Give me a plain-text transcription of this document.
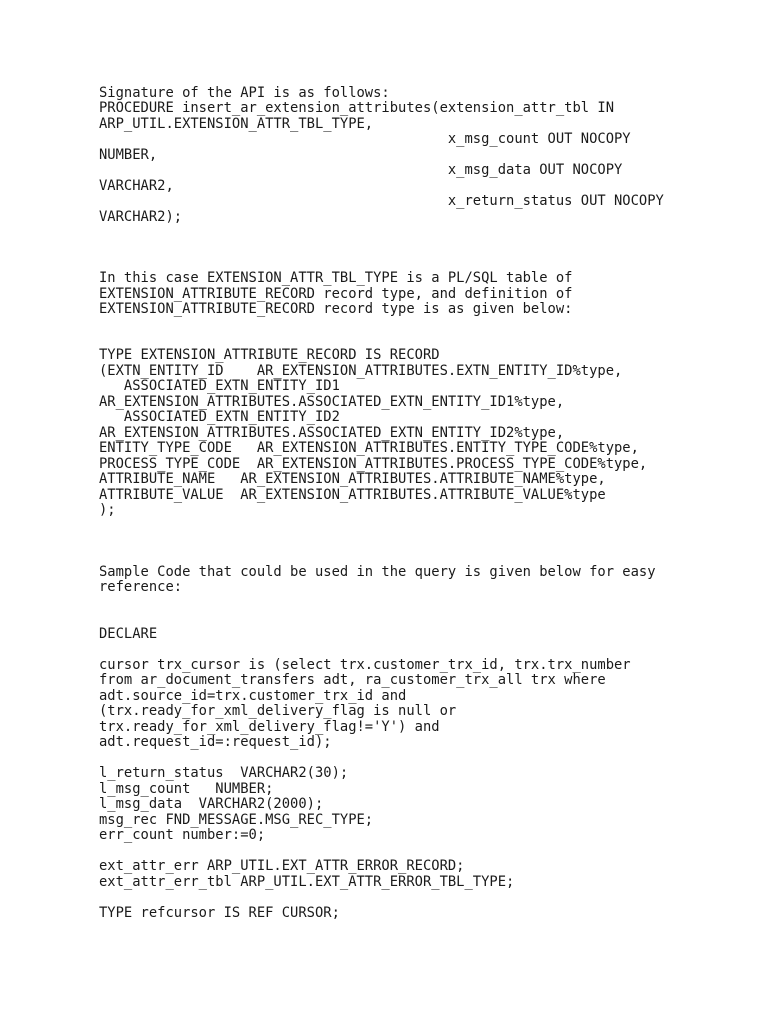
Signature of the API is as follows:

PROCEDURE insert_ar_extension_attributes(extension_attr_tbl IN

ARP_UTIL.EXTENSION_ATTR_TBL_TYPE,

x_msg_count OUT NOCOPY

NUMBER,

x_msg_data OUT NOCOPY

VARCHAR2,

x_return_status OUT NOCOPY

VARCHAR2);

In this case EXTENSION_ATTR_TBL_TYPE is a PL/SQL table of

EXTENSION_ATTRIBUTE_RECORD record type, and definition of

EXTENSION_ATTRIBUTE_RECORD record type is as given below:

TYPE EXTENSION_ATTRIBUTE_RECORD IS RECORD

(EXTN_ENTITY_ID    AR_EXTENSION_ATTRIBUTES.EXTN_ENTITY_ID%type,

ASSOCIATED_EXTN_ENTITY_ID1

AR_EXTENSION_ATTRIBUTES.ASSOCIATED_EXTN_ENTITY_ID1%type,

ASSOCIATED_EXTN_ENTITY_ID2

AR_EXTENSION_ATTRIBUTES.ASSOCIATED_EXTN_ENTITY_ID2%type,

ENTITY_TYPE_CODE   AR_EXTENSION_ATTRIBUTES.ENTITY_TYPE_CODE%type,

PROCESS_TYPE_CODE  AR_EXTENSION_ATTRIBUTES.PROCESS_TYPE_CODE%type,

ATTRIBUTE_NAME   AR_EXTENSION_ATTRIBUTES.ATTRIBUTE_NAME%type,

ATTRIBUTE_VALUE  AR_EXTENSION_ATTRIBUTES.ATTRIBUTE_VALUE%type

);

Sample Code that could be used in the query is given below for easy

reference:

DECLARE

cursor trx_cursor is (select trx.customer_trx_id, trx.trx_number

from ar_document_transfers adt, ra_customer_trx_all trx where

adt.source_id=trx.customer_trx_id and

(trx.ready_for_xml_delivery_flag is null or

trx.ready_for_xml_delivery_flag!='Y') and

adt.request_id=:request_id);

l_return_status  VARCHAR2(30);

l_msg_count   NUMBER;

l_msg_data  VARCHAR2(2000);

msg_rec FND_MESSAGE.MSG_REC_TYPE;

err_count number:=0;

ext_attr_err ARP_UTIL.EXT_ATTR_ERROR_RECORD;

ext_attr_err_tbl ARP_UTIL.EXT_ATTR_ERROR_TBL_TYPE;

TYPE refcursor IS REF CURSOR;
